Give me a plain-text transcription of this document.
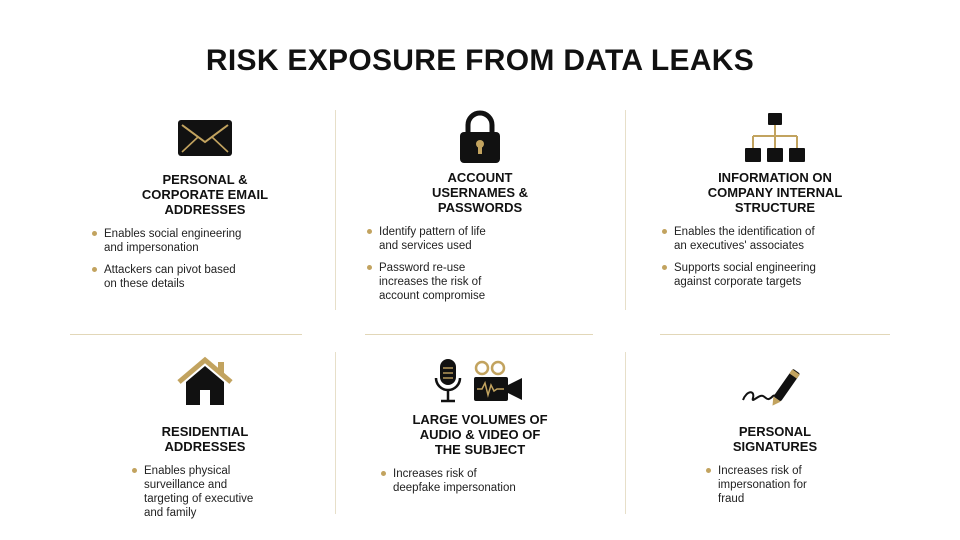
RISK EXPOSURE FROM DATA LEAKS
PERSONAL &
CORPORATE EMAIL
ADDRESSES
Enables social engineering
and impersonation
Attackers can pivot based
on these details
ACCOUNT
USERNAMES &
PASSWORDS
Identify pattern of life
and services used
Password re-use
increases the risk of
account compromise
INFORMATION ON
COMPANY INTERNAL
STRUCTURE
Enables the identification of
an executives' associates
Supports social engineering
against corporate targets
RESIDENTIAL
ADDRESSES
Enables physical
surveillance and
targeting of executive
and family
LARGE VOLUMES OF
AUDIO & VIDEO OF
THE SUBJECT
Increases risk of
deepfake impersonation
PERSONAL
SIGNATURES
Increases risk of
impersonation for
fraud
